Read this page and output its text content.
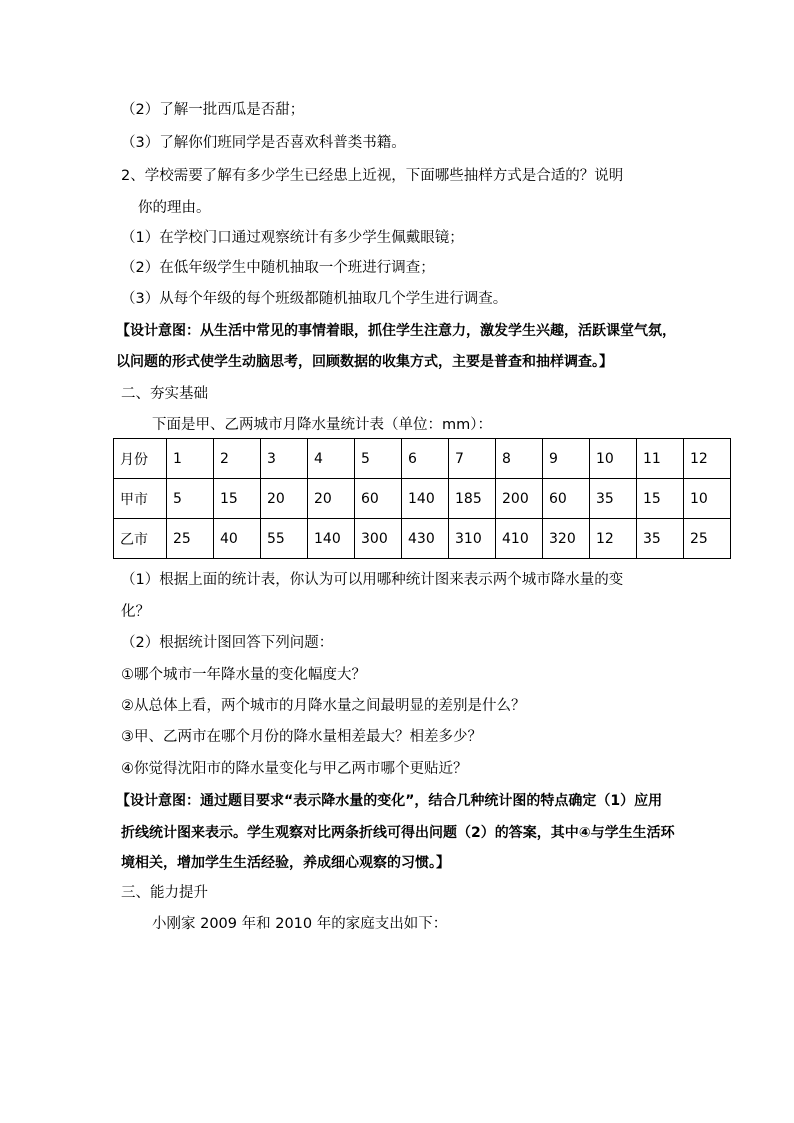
（2）了解一批西瓜是否甜；
（3）了解你们班同学是否喜欢科普类书籍。
2、学校需要了解有多少学生已经患上近视，下面哪些抽样方式是合适的？说明
你的理由。
（1）在学校门口通过观察统计有多少学生佩戴眼镜；
（2）在低年级学生中随机抽取一个班进行调查；
（3）从每个年级的每个班级都随机抽取几个学生进行调查。
【设计意图：从生活中常见的事情着眼，抓住学生注意力，激发学生兴趣，活跃课堂气氛，
以问题的形式使学生动脑思考，回顾数据的收集方式，主要是普查和抽样调查。】
二、夯实基础
下面是甲、乙两城市月降水量统计表（单位：mm）：
月份	1	2	3	4	5	6	7	8	9	10	11	12
甲市	5	15	20	20	60	140	185	200	60	35	15	10
乙市	25	40	55	140	300	430	310	410	320	12	35	25
（1）根据上面的统计表，你认为可以用哪种统计图来表示两个城市降水量的变
化？
（2）根据统计图回答下列问题：
①哪个城市一年降水量的变化幅度大？
②从总体上看，两个城市的月降水量之间最明显的差别是什么？
③甲、乙两市在哪个月份的降水量相差最大？相差多少？
④你觉得沈阳市的降水量变化与甲乙两市哪个更贴近？
【设计意图：通过题目要求“表示降水量的变化”，结合几种统计图的特点确定（1）应用
折线统计图来表示。学生观察对比两条折线可得出问题（2）的答案，其中④与学生生活环
境相关，增加学生生活经验，养成细心观察的习惯。】
三、能力提升
小刚家 2009 年和 2010 年的家庭支出如下：
